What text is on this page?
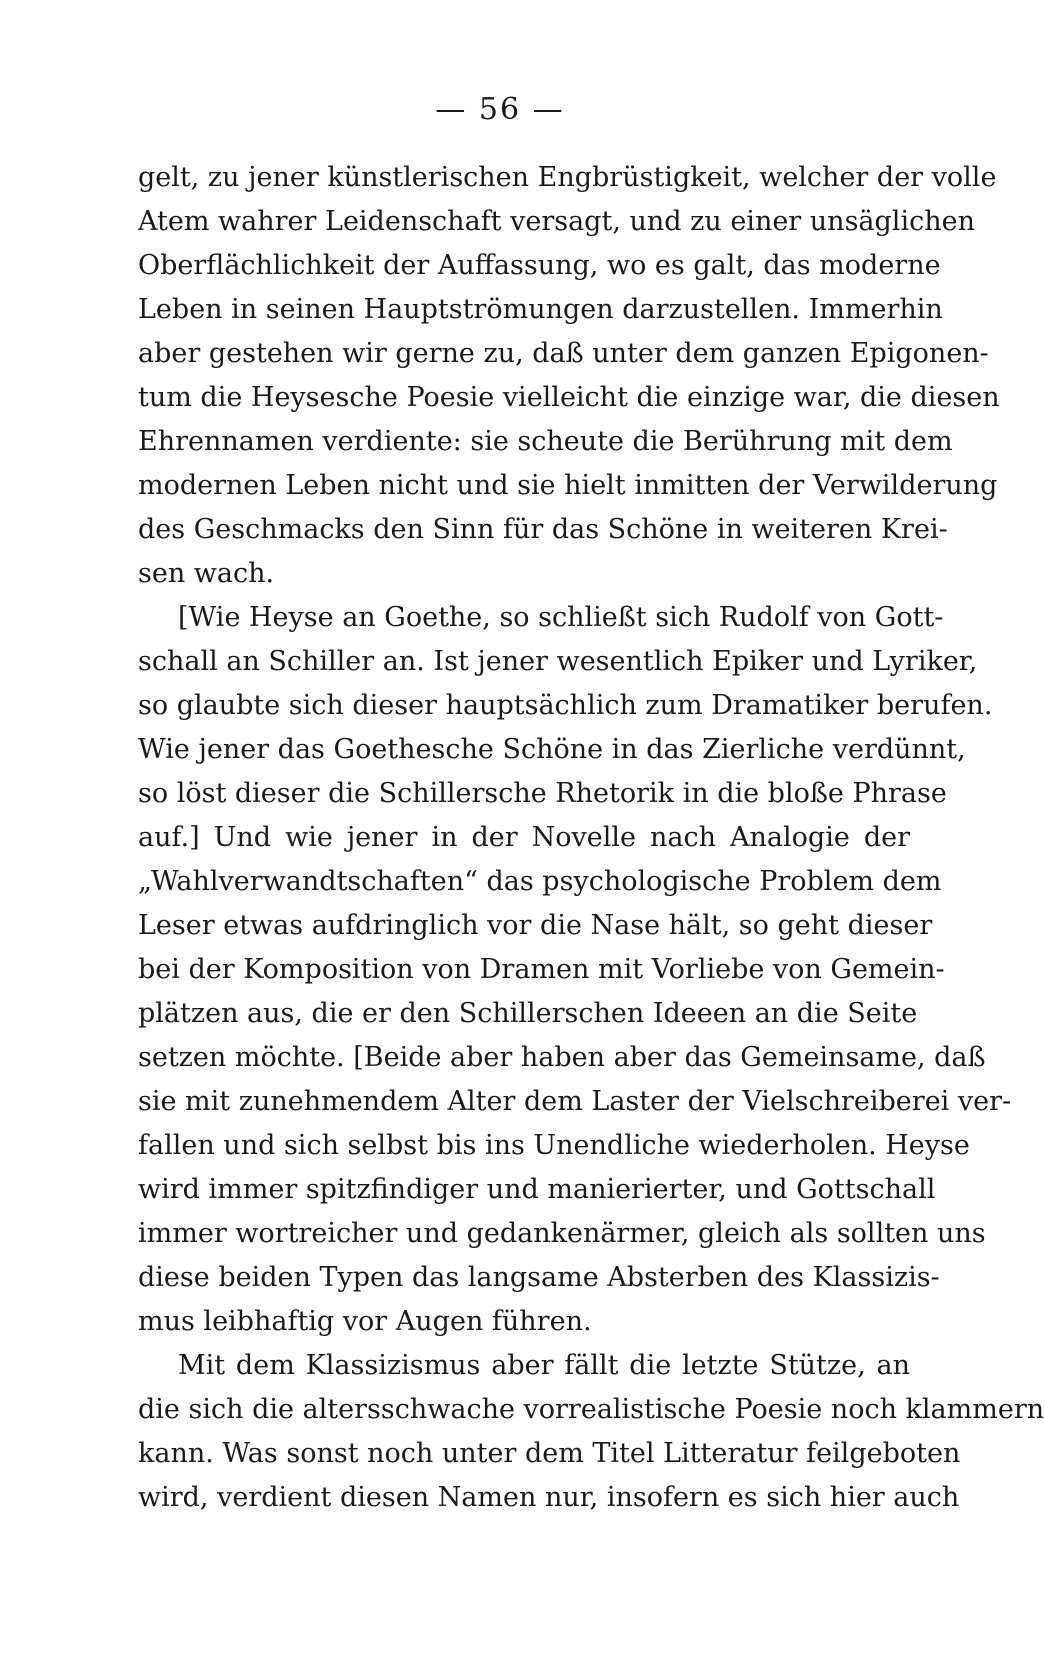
— 56 —
gelt, zu jener künstlerischen Engbrüstigkeit, welcher der volle
Atem wahrer Leidenschaft versagt, und zu einer unsäglichen
Oberflächlichkeit der Auffassung, wo es galt, das moderne
Leben in seinen Hauptströmungen darzustellen. Immerhin
aber gestehen wir gerne zu, daß unter dem ganzen Epigonen-
tum die Heysesche Poesie vielleicht die einzige war, die diesen
Ehrennamen verdiente: sie scheute die Berührung mit dem
modernen Leben nicht und sie hielt inmitten der Verwilderung
des Geschmacks den Sinn für das Schöne in weiteren Krei-
sen wach.
[Wie Heyse an Goethe, so schließt sich Rudolf von Gott-
schall an Schiller an. Ist jener wesentlich Epiker und Lyriker,
so glaubte sich dieser hauptsächlich zum Dramatiker berufen.
Wie jener das Goethesche Schöne in das Zierliche verdünnt,
so löst dieser die Schillersche Rhetorik in die bloße Phrase
auf.] Und wie jener in der Novelle nach Analogie der
„Wahlverwandtschaften“ das psychologische Problem dem
Leser etwas aufdringlich vor die Nase hält, so geht dieser
bei der Komposition von Dramen mit Vorliebe von Gemein-
plätzen aus, die er den Schillerschen Ideeen an die Seite
setzen möchte. [Beide aber haben aber das Gemeinsame, daß
sie mit zunehmendem Alter dem Laster der Vielschreiberei ver-
fallen und sich selbst bis ins Unendliche wiederholen. Heyse
wird immer spitzfindiger und manierierter, und Gottschall
immer wortreicher und gedankenärmer, gleich als sollten uns
diese beiden Typen das langsame Absterben des Klassizis-
mus leibhaftig vor Augen führen.
Mit dem Klassizismus aber fällt die letzte Stütze, an
die sich die altersschwache vorrealistische Poesie noch klammern
kann. Was sonst noch unter dem Titel Litteratur feilgeboten
wird, verdient diesen Namen nur, insofern es sich hier auch
